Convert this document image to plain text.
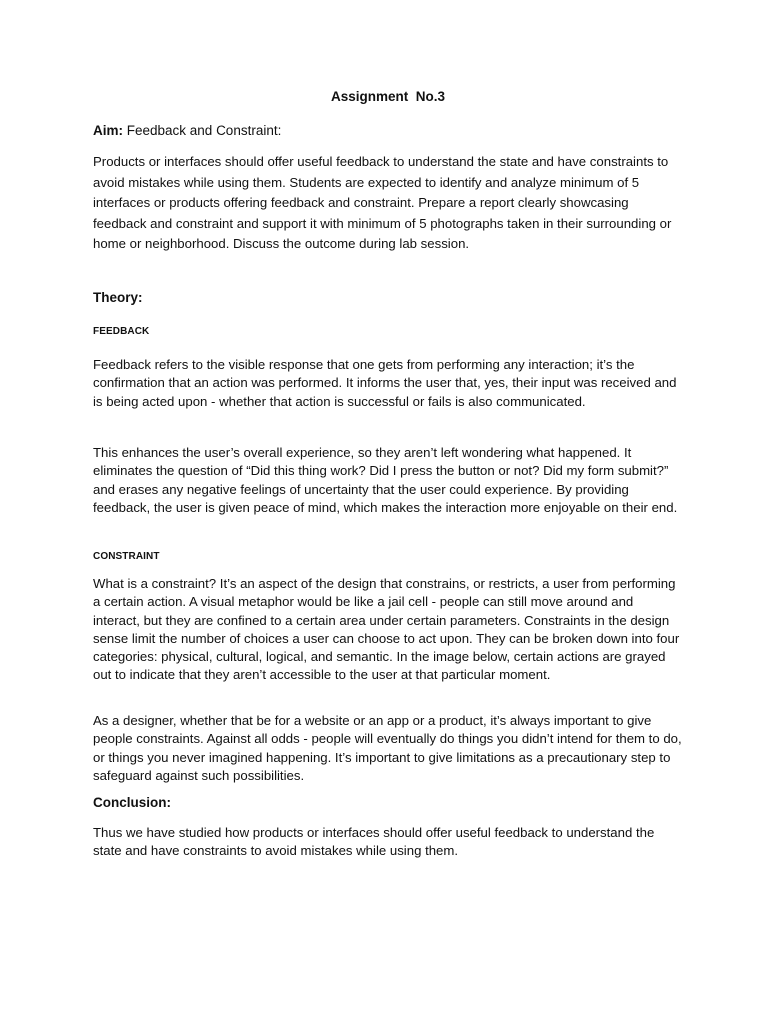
Assignment  No.3

Aim: Feedback and Constraint:

Products or interfaces should offer useful feedback to understand the state and have constraints to avoid mistakes while using them. Students are expected to identify and analyze minimum of 5 interfaces or products offering feedback and constraint. Prepare a report clearly showcasing feedback and constraint and support it with minimum of 5 photographs taken in their surrounding or home or neighborhood. Discuss the outcome during lab session.

Theory:
FEEDBACK

Feedback refers to the visible response that one gets from performing any interaction; it’s the confirmation that an action was performed. It informs the user that, yes, their input was received and is being acted upon - whether that action is successful or fails is also communicated.

This enhances the user’s overall experience, so they aren’t left wondering what happened. It eliminates the question of “Did this thing work? Did I press the button or not? Did my form submit?” and erases any negative feelings of uncertainty that the user could experience. By providing feedback, the user is given peace of mind, which makes the interaction more enjoyable on their end.

CONSTRAINT

What is a constraint? It’s an aspect of the design that constrains, or restricts, a user from performing a certain action. A visual metaphor would be like a jail cell - people can still move around and interact, but they are confined to a certain area under certain parameters. Constraints in the design sense limit the number of choices a user can choose to act upon. They can be broken down into four categories: physical, cultural, logical, and semantic. In the image below, certain actions are grayed out to indicate that they aren’t accessible to the user at that particular moment.

As a designer, whether that be for a website or an app or a product, it’s always important to give people constraints. Against all odds - people will eventually do things you didn’t intend for them to do, or things you never imagined happening. It’s important to give limitations as a precautionary step to safeguard against such possibilities.

Conclusion:

Thus we have studied how products or interfaces should offer useful feedback to understand the state and have constraints to avoid mistakes while using them.
